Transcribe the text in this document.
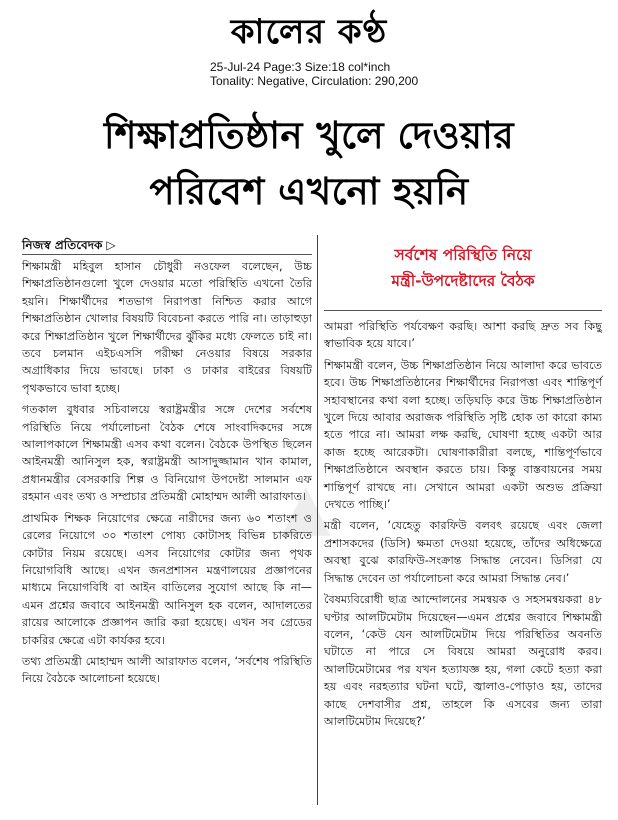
কালের কণ্ঠ
25-Jul-24 Page:3 Size:18 col*inch
Tonality: Negative, Circulation: 290,200
শিক্ষাপ্রতিষ্ঠান খুলে দেওয়ার
পরিবেশ এখনো হয়নি
▲
নিজস্ব প্রতিবেদক ▷
সর্বশেষ পরিস্থিতি নিয়ে
মন্ত্রী-উপদেষ্টাদের বৈঠক

শিক্ষামন্ত্রী মহিবুল হাসান চৌধুরী নওফেল বলেছেন, উচ্চ শিক্ষাপ্রতিষ্ঠানগুলো খুলে দেওয়ার মতো পরিস্থিতি এখনো তৈরি হয়নি। শিক্ষার্থীদের শতভাগ নিরাপত্তা নিশ্চিত করার আগে শিক্ষাপ্রতিষ্ঠান খোলার বিষয়টি বিবেচনা করতে পারি না। তাড়াহুড়া করে শিক্ষাপ্রতিষ্ঠান খুলে শিক্ষার্থীদের ঝুঁকির মধ্যে ফেলতে চাই না। তবে চলমান এইচএসসি পরীক্ষা নেওয়ার বিষয়ে সরকার অগ্রাধিকার দিয়ে ভাবছে। ঢাকা ও ঢাকার বাইরের বিষয়টি পৃথকভাবে ভাবা হচ্ছে।

গতকাল বুধবার সচিবালয়ে স্বরাষ্ট্রমন্ত্রীর সঙ্গে দেশের সর্বশেষ পরিস্থিতি নিয়ে পর্যালোচনা বৈঠক শেষে সাংবাদিকদের সঙ্গে আলাপকালে শিক্ষামন্ত্রী এসব কথা বলেন। বৈঠকে উপস্থিত ছিলেন আইনমন্ত্রী আনিসুল হক, স্বরাষ্ট্রমন্ত্রী আসাদুজ্জামান খান কামাল, প্রধানমন্ত্রীর বেসরকারি শিল্প ও বিনিয়োগ উপদেষ্টা সালমান এফ রহমান এবং তথ্য ও সম্প্রচার প্রতিমন্ত্রী মোহাম্মদ আলী আরাফাত।

প্রাথমিক শিক্ষক নিয়োগের ক্ষেত্রে নারীদের জন্য ৬০ শতাংশ ও রেলের নিয়োগে ৩০ শতাংশ পোষ্য কোটাসহ বিভিন্ন চাকরিতে কোটার নিয়ম রয়েছে। এসব নিয়োগের কোটার জন্য পৃথক নিয়োগবিধি আছে। এখন জনপ্রশাসন মন্ত্রণালয়ের প্রজ্ঞাপনের মাধ্যমে নিয়োগবিধি বা আইন বাতিলের সুযোগ আছে কি না—এমন প্রশ্নের জবাবে আইনমন্ত্রী আনিসুল হক বলেন, আদালতের রায়ের আলোকে প্রজ্ঞাপন জারি করা হয়েছে। এখন সব গ্রেডের চাকরির ক্ষেত্রে এটা কার্যকর হবে।

তথ্য প্রতিমন্ত্রী মোহাম্মদ আলী আরাফাত বলেন, ‘সর্বশেষ পরিস্থিতি নিয়ে বৈঠকে আলোচনা হয়েছে।

আমরা পরিস্থিতি পর্যবেক্ষণ করছি। আশা করছি দ্রুত সব কিছু স্বাভাবিক হয়ে যাবে।’

শিক্ষামন্ত্রী বলেন, উচ্চ শিক্ষাপ্রতিষ্ঠান নিয়ে আলাদা করে ভাবতে হবে। উচ্চ শিক্ষাপ্রতিষ্ঠানের শিক্ষার্থীদের নিরাপত্তা এবং শান্তিপূর্ণ সহাবস্থানের কথা বলা হচ্ছে। তড়িঘড়ি করে উচ্চ শিক্ষাপ্রতিষ্ঠান খুলে দিয়ে আবার অরাজক পরিস্থিতি সৃষ্টি হোক তা কারো কাম্য হতে পারে না। আমরা লক্ষ করছি, ঘোষণা হচ্ছে একটা আর কাজ হচ্ছে আরেকটা। ঘোষণাকারীরা বলছে, শান্তিপূর্ণভাবে শিক্ষাপ্রতিষ্ঠানে অবস্থান করতে চায়। কিন্তু বাস্তবায়নের সময় শান্তিপূর্ণ রাখছে না। সেখানে আমরা একটা অশুভ প্রক্রিয়া দেখতে পাচ্ছি।’

মন্ত্রী বলেন, ‘যেহেতু কারফিউ বলবৎ রয়েছে এবং জেলা প্রশাসকদের (ডিসি) ক্ষমতা দেওয়া হয়েছে, তাঁদের অধিক্ষেত্রে অবস্থা বুঝে কারফিউ-সংক্রান্ত সিদ্ধান্ত নেবেন। ডিসিরা যে সিদ্ধান্ত দেবেন তা পর্যালোচনা করে আমরা সিদ্ধান্ত নেব।’

বৈষম্যবিরোধী ছাত্র আন্দোলনের সমন্বয়ক ও সহসমন্বয়করা ৪৮ ঘণ্টার আলটিমেটাম দিয়েছেন—এমন প্রশ্নের জবাবে শিক্ষামন্ত্রী বলেন, ‘কেউ যেন আলটিমেটাম দিয়ে পরিস্থিতির অবনতি ঘটাতে না পারে সে বিষয়ে আমরা অনুরোধ করব। আলটিমেটামের পর যখন হত্যাযজ্ঞ হয়, গলা কেটে হত্যা করা হয় এবং নরহত্যার ঘটনা ঘটে, জ্বালাও-পোড়াও হয়, তাদের কাছে দেশবাসীর প্রশ্ন, তাহলে কি এসবের জন্য তারা আলটিমেটাম দিয়েছে?’
